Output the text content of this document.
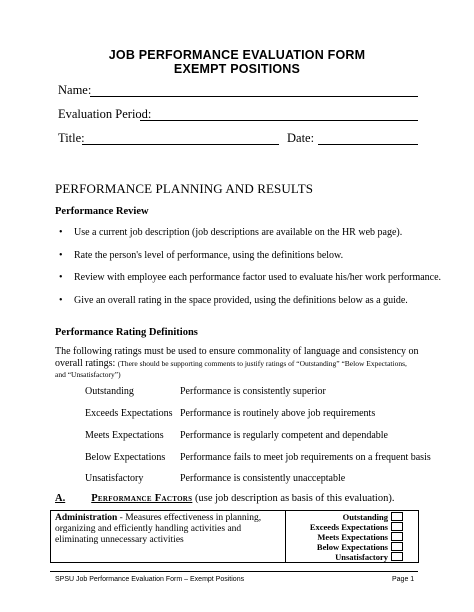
JOB PERFORMANCE EVALUATION FORM
EXEMPT POSITIONS
Name:
Evaluation Period:
Title:	Date:
PERFORMANCE PLANNING AND RESULTS
Performance Review
•	Use a current job description (job descriptions are available on the HR web page).
•	Rate the person's level of performance, using the definitions below.
•	Review with employee each performance factor used to evaluate his/her work performance.
•	Give an overall rating in the space provided, using the definitions below as a guide.
Performance Rating Definitions
The following ratings must be used to ensure commonality of language and consistency on
overall ratings: (There should be supporting comments to justify ratings of “Outstanding” “Below Expectations,
and “Unsatisfactory”)
Outstanding	Performance is consistently superior
Exceeds Expectations Performance is routinely above job requirements
Meets Expectations Performance is regularly competent and dependable
Below Expectations Performance fails to meet job requirements on a frequent basis
Unsatisfactory	Performance is consistently unacceptable
A. Performance Factors (use job description as basis of this evaluation).
Administration - Measures effectiveness in planning, organizing and efficiently handling activities and eliminating unnecessary activities
Outstanding
Exceeds Expectations
Meets Expectations
Below Expectations
Unsatisfactory
SPSU Job Performance Evaluation Form – Exempt Positions	Page 1
